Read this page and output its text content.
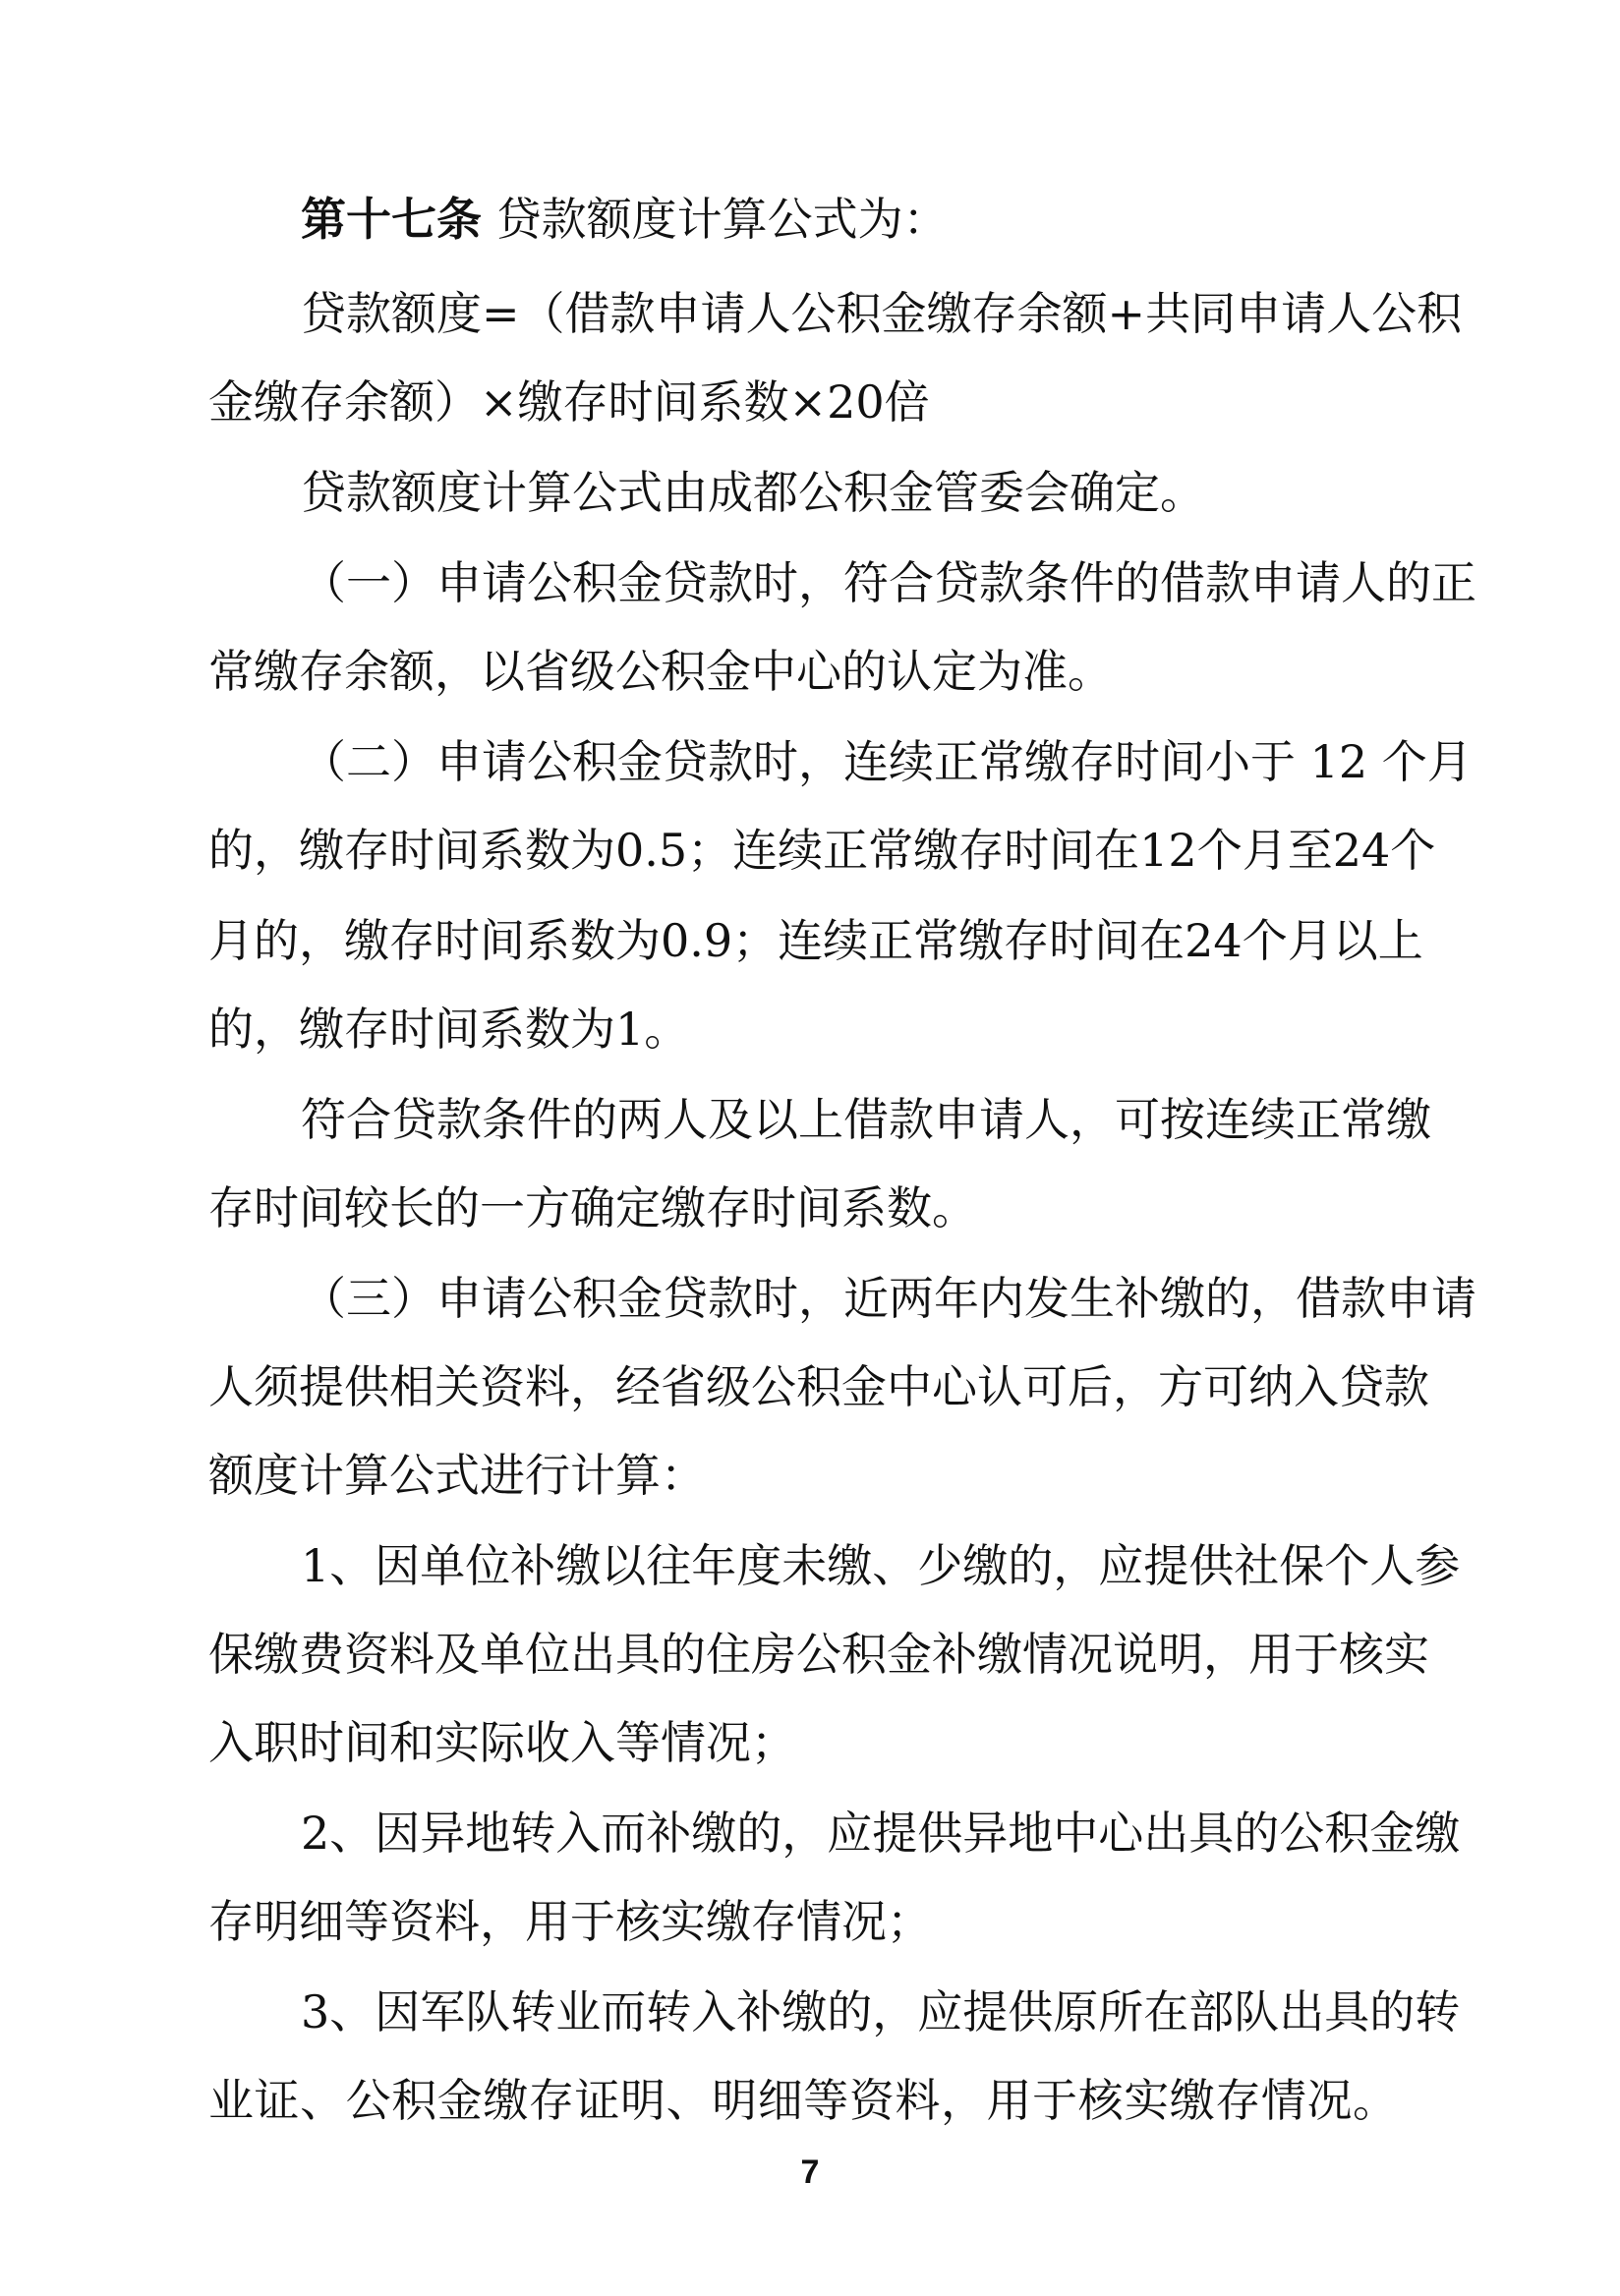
第十七条 贷款额度计算公式为：
贷款额度=（借款申请人公积金缴存余额+共同申请人公积
金缴存余额）×缴存时间系数×20倍
贷款额度计算公式由成都公积金管委会确定。
（一）申请公积金贷款时，符合贷款条件的借款申请人的正
常缴存余额，以省级公积金中心的认定为准。
（二）申请公积金贷款时，连续正常缴存时间小于 12 个月
的，缴存时间系数为0.5；连续正常缴存时间在12个月至24个
月的，缴存时间系数为0.9；连续正常缴存时间在24个月以上
的，缴存时间系数为1。
符合贷款条件的两人及以上借款申请人，可按连续正常缴
存时间较长的一方确定缴存时间系数。
（三）申请公积金贷款时，近两年内发生补缴的，借款申请
人须提供相关资料，经省级公积金中心认可后，方可纳入贷款
额度计算公式进行计算：
1、因单位补缴以往年度未缴、少缴的，应提供社保个人参
保缴费资料及单位出具的住房公积金补缴情况说明，用于核实
入职时间和实际收入等情况；
2、因异地转入而补缴的，应提供异地中心出具的公积金缴
存明细等资料，用于核实缴存情况；
3、因军队转业而转入补缴的，应提供原所在部队出具的转
业证、公积金缴存证明、明细等资料，用于核实缴存情况。
7
